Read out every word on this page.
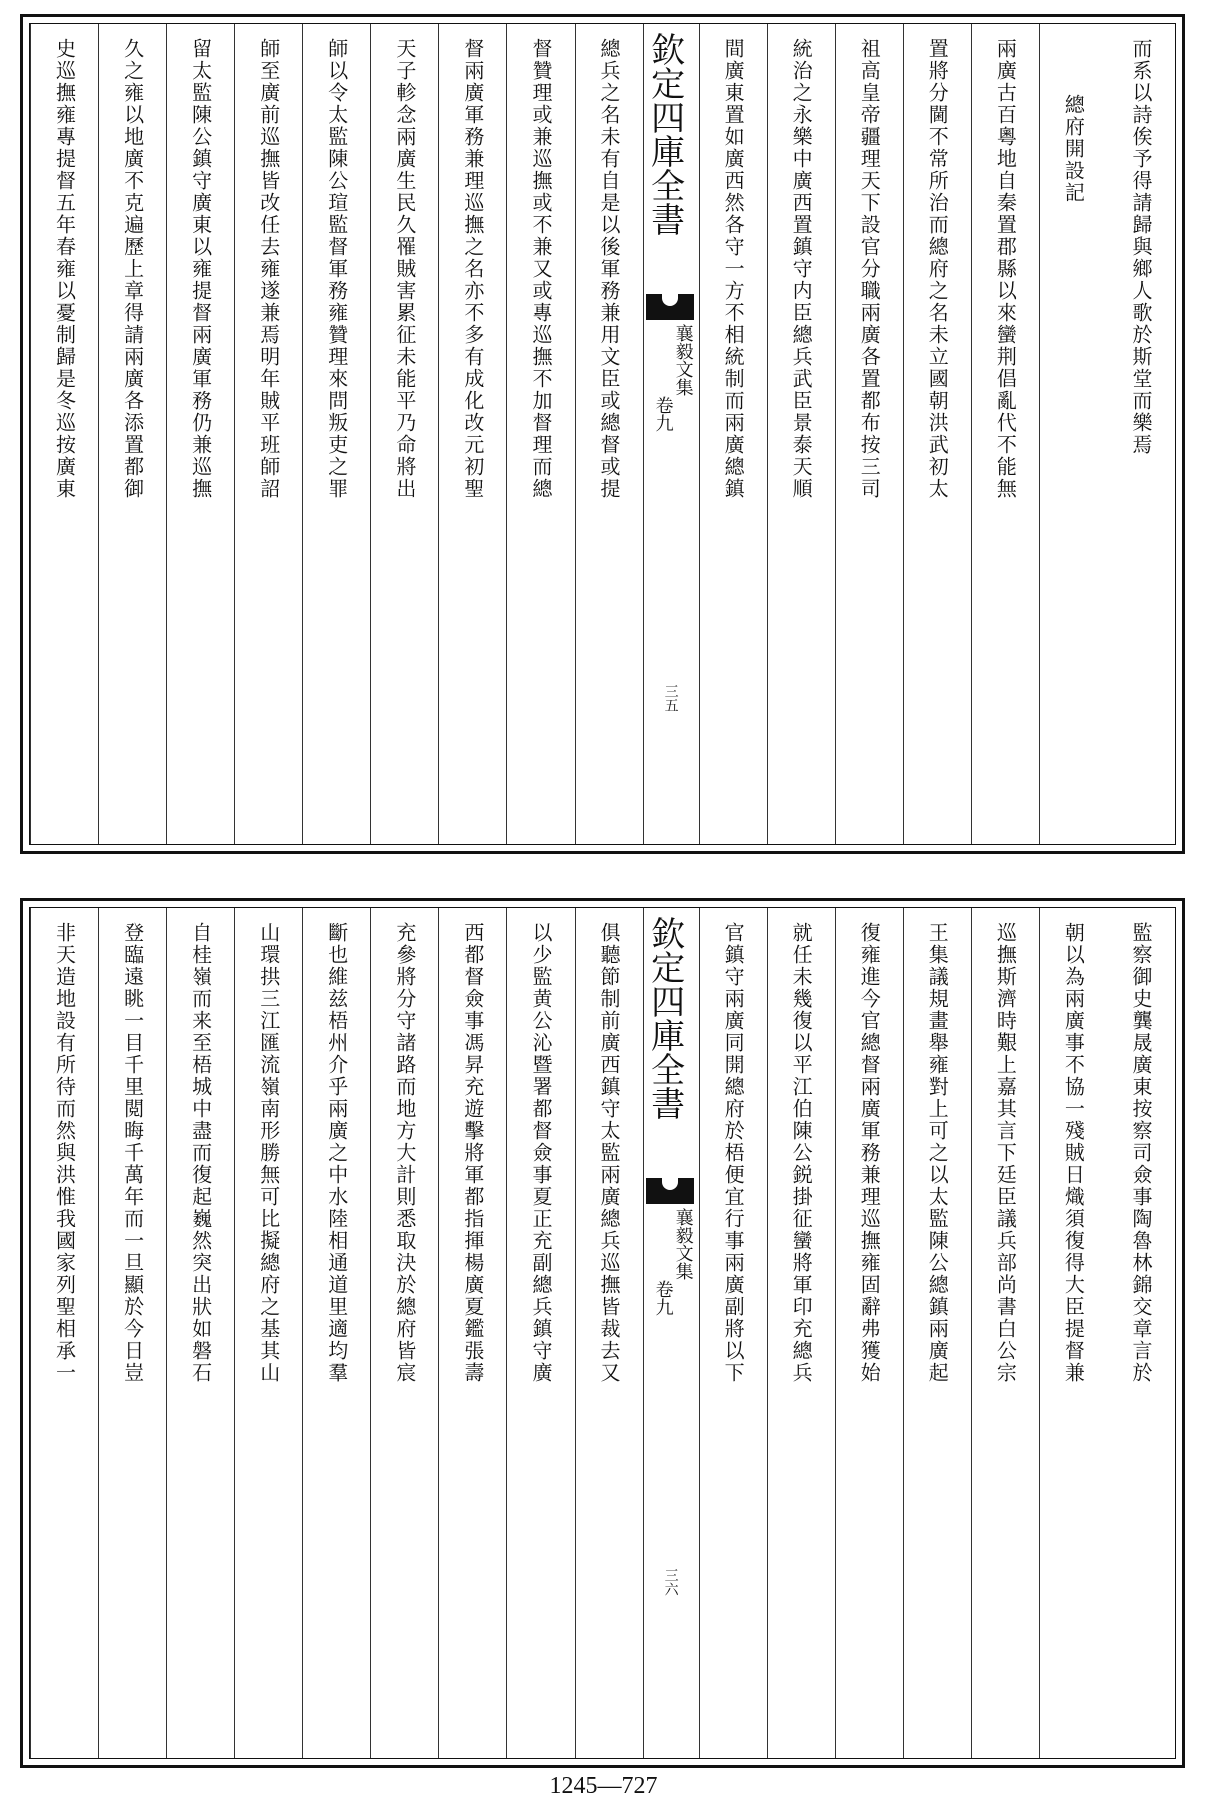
而系以詩俟予得請歸與鄉人歌於斯堂而樂焉
總府開設記
兩廣古百粵地自秦置郡縣以來蠻荆倡亂代不能無
置將分閫不常所治而總府之名未立國朝洪武初太
祖高皇帝疆理天下設官分職兩廣各置都布按三司
統治之永樂中廣西置鎮守内臣總兵武臣景泰天順
間廣東置如廣西然各守一方不相統制而兩廣總鎮
欽定四庫全書
襄毅文集
卷九
三五
總兵之名未有自是以後軍務兼用文臣或總督或提
督贊理或兼巡撫或不兼又或專巡撫不加督理而總
督兩廣軍務兼理巡撫之名亦不多有成化改元初聖
天子軫念兩廣生民久罹賊害累征未能平乃命將出
師以令太監陳公瑄監督軍務雍贊理來問叛吏之罪
師至廣前巡撫皆改任去雍遂兼焉明年賊平班師詔
留太監陳公鎮守廣東以雍提督兩廣軍務仍兼巡撫
久之雍以地廣不克遍歷上章得請兩廣各添置都御
史巡撫雍專提督五年春雍以憂制歸是冬巡按廣東
監察御史龔晟廣東按察司僉事陶魯林錦交章言於
朝以為兩廣事不協一殘賊日熾須復得大臣提督兼
巡撫斯濟時艱上嘉其言下廷臣議兵部尚書白公宗
王集議規畫舉雍對上可之以太監陳公總鎮兩廣起
復雍進今官總督兩廣軍務兼理巡撫雍固辭弗獲始
就任未幾復以平江伯陳公鋭掛征蠻將軍印充總兵
官鎮守兩廣同開總府於梧便宜行事兩廣副將以下
欽定四庫全書
襄毅文集
卷九
三六
俱聽節制前廣西鎮守太監兩廣總兵巡撫皆裁去又
以少監黄公沁暨署都督僉事夏正充副總兵鎮守廣
西都督僉事馮昇充遊擊將軍都指揮楊廣夏鑑張壽
充參將分守諸路而地方大計則悉取決於總府皆宸
斷也維兹梧州介乎兩廣之中水陸相通道里適均羣
山環拱三江匯流嶺南形勝無可比擬總府之基其山
自桂嶺而来至梧城中盡而復起巍然突出狀如磐石
登臨遠眺一目千里閲晦千萬年而一旦顯於今日豈
非天造地設有所待而然與洪惟我國家列聖相承一
1245—727
